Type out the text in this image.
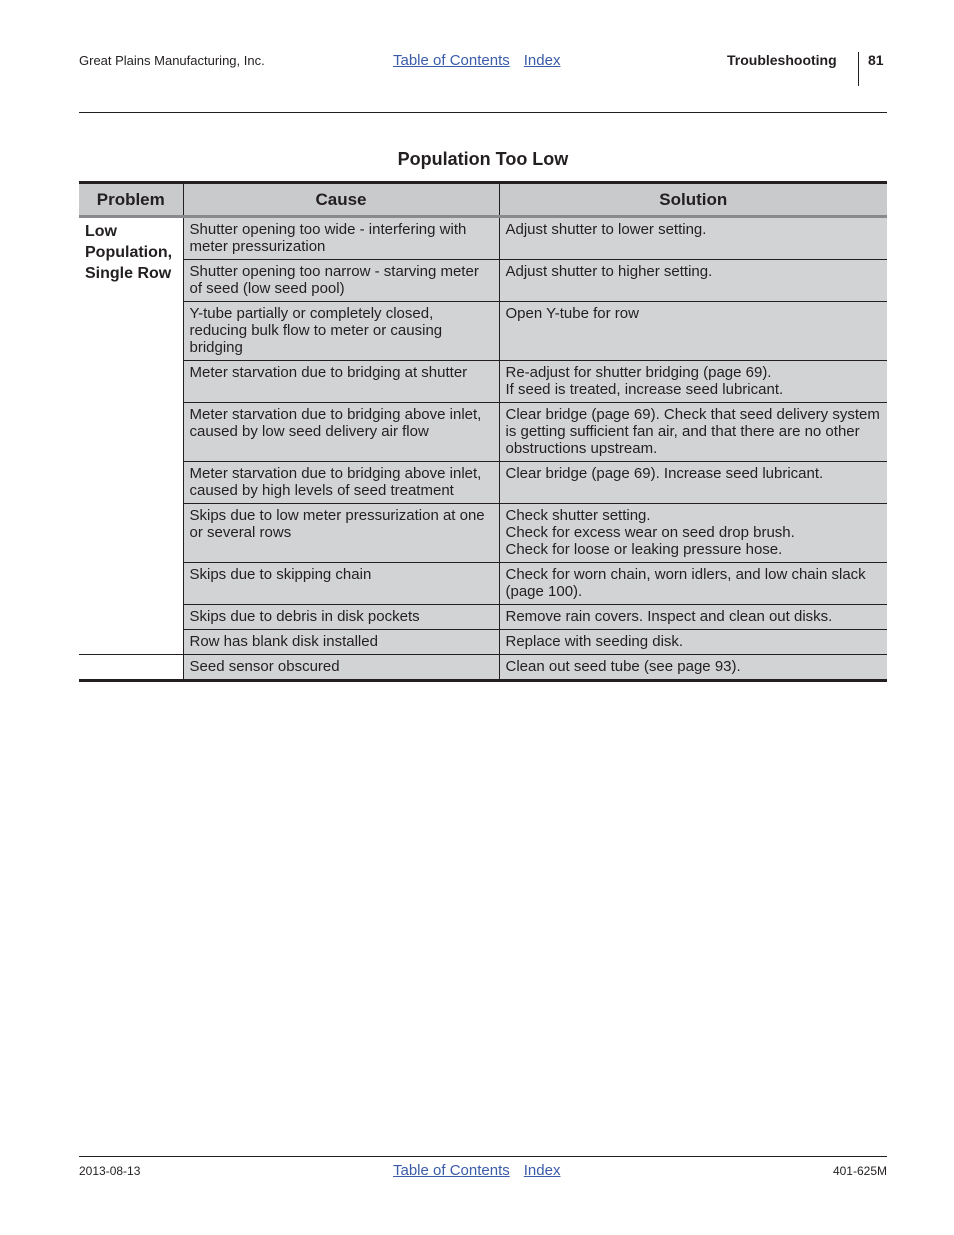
Great Plains Manufacturing, Inc.	Table of Contents Index	Troubleshooting 81
Population Too Low
Problem	Cause	Solution
Low Population, Single Row	Shutter opening too wide - interfering with meter pressurization	Adjust shutter to lower setting.

	Shutter opening too narrow - starving meter of seed (low seed pool)	Adjust shutter to higher setting.

	Y-tube partially or completely closed, reducing bulk flow to meter or causing bridging	Open Y-tube for row

	Meter starvation due to bridging at shutter	Re-adjust for shutter bridging (page 69).
If seed is treated, increase seed lubricant.

	Meter starvation due to bridging above inlet, caused by low seed delivery air flow	Clear bridge (page 69). Check that seed delivery system is getting sufficient fan air, and that there are no other obstructions upstream.

	Meter starvation due to bridging above inlet, caused by high levels of seed treatment	Clear bridge (page 69). Increase seed lubricant.

	Skips due to low meter pressurization at one or several rows	Check shutter setting.
Check for excess wear on seed drop brush.
Check for loose or leaking pressure hose.

	Skips due to skipping chain	Check for worn chain, worn idlers, and low chain slack (page 100).

	Skips due to debris in disk pockets	Remove rain covers. Inspect and clean out disks.

	Row has blank disk installed	Replace with seeding disk.

	Seed sensor obscured	Clean out seed tube (see page 93).
2013-08-13	Table of Contents Index	401-625M
